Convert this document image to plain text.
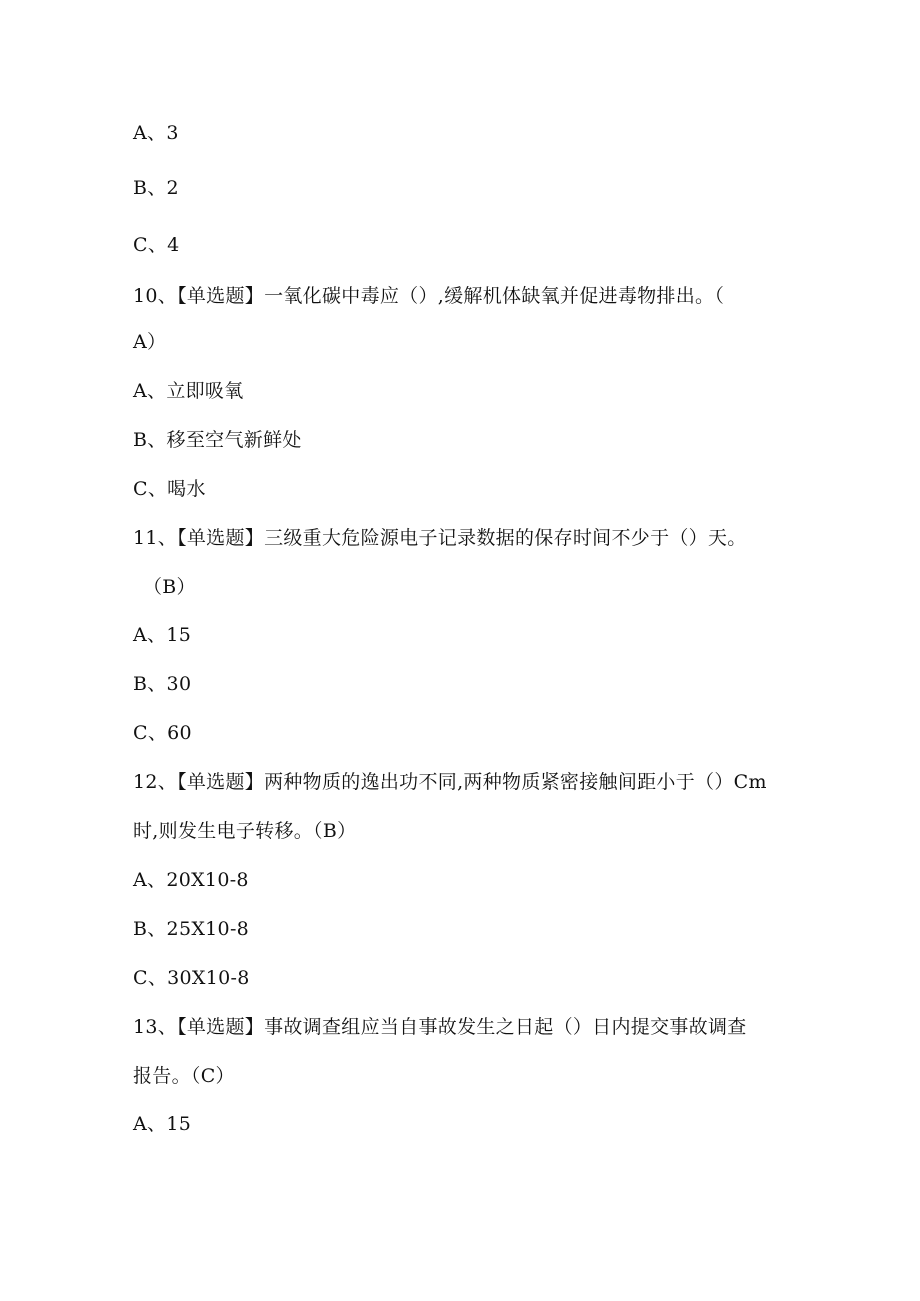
A、3
B、2
C、4
10、【单选题】一氧化碳中毒应（）,缓解机体缺氧并促进毒物排出。（
A）
A、立即吸氧
B、移至空气新鲜处
C、喝水
11、【单选题】三级重大危险源电子记录数据的保存时间不少于（）天。
（B）
A、15
B、30
C、60
12、【单选题】两种物质的逸出功不同,两种物质紧密接触间距小于（）Cm
时,则发生电子转移。（B）
A、20X10-8
B、25X10-8
C、30X10-8
13、【单选题】事故调查组应当自事故发生之日起（）日内提交事故调查
报告。（C）
A、15
